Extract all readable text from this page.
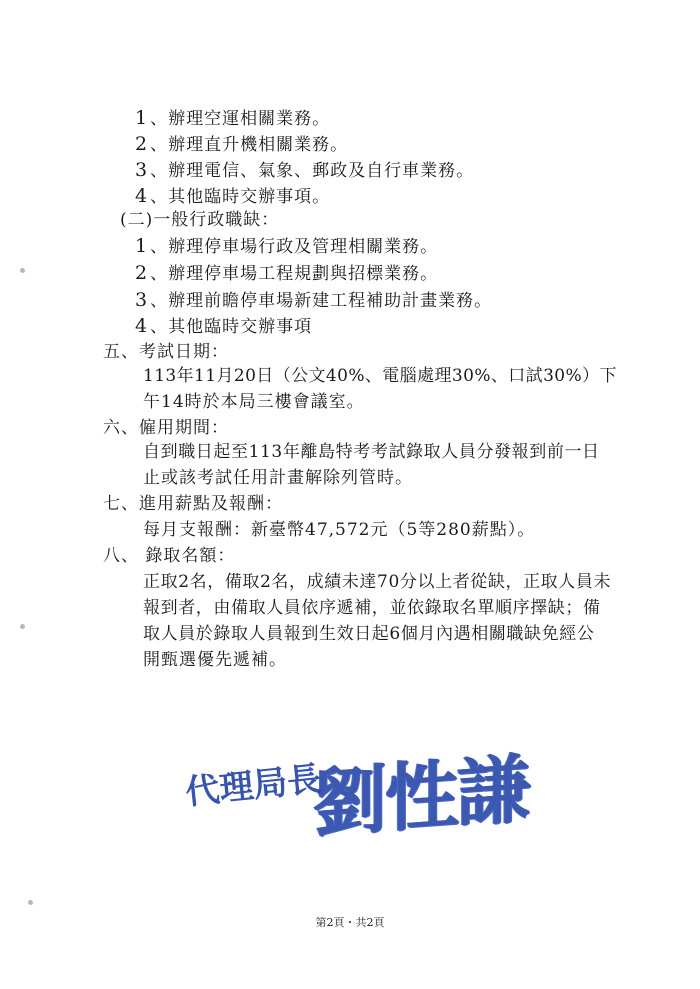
1 、辦理空運相關業務。
2 、辦理直升機相關業務。
3 、辦理電信、氣象、郵政及自行車業務。
4 、其他臨時交辦事項。
(二)一般行政職缺：
1 、辦理停車場行政及管理相關業務。
2 、辦理停車場工程規劃與招標業務。
3 、辦理前瞻停車場新建工程補助計畫業務。
4 、其他臨時交辦事項
五、考試日期：
113年11月20日（公文40%、電腦處理30%、口試30%）下
午14時於本局三樓會議室。
六、僱用期間：
自到職日起至113年離島特考考試錄取人員分發報到前一日
止或該考試任用計畫解除列管時。
七、進用薪點及報酬：
每月支報酬：新臺幣47,572元（5等280薪點）。
八、 錄取名額：
正取2名，備取2名，成績未達70分以上者從缺，正取人員未
報到者，由備取人員依序遞補，並依錄取名單順序擇缺；備
取人員於錄取人員報到生效日起6個月內遇相關職缺免經公
開甄選優先遞補。
代理局長
劉性謙
第2頁・共2頁
